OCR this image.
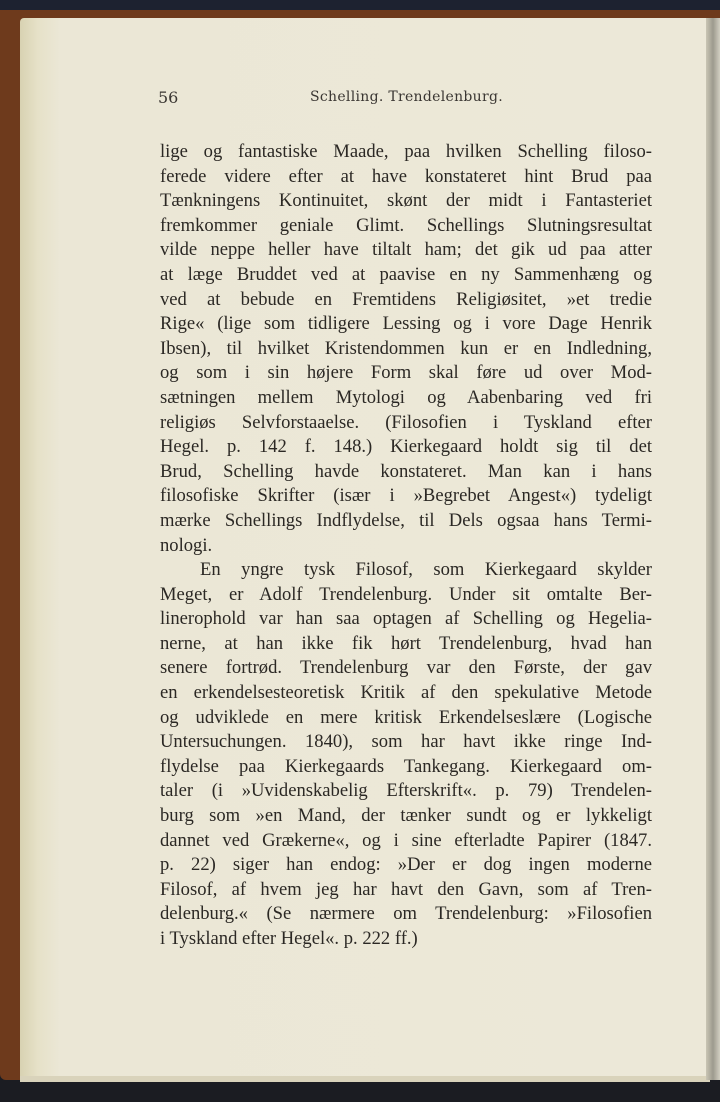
56	Schelling. Trendelenburg.
lige og fantastiske Maade, paa hvilken Schelling filoso-
ferede videre efter at have konstateret hint Brud paa
Tænkningens Kontinuitet, skønt der midt i Fantasteriet
fremkommer geniale Glimt. Schellings Slutningsresultat
vilde neppe heller have tiltalt ham; det gik ud paa atter
at læge Bruddet ved at paavise en ny Sammenhæng og
ved at bebude en Fremtidens Religiøsitet, »et tredie
Rige« (lige som tidligere Lessing og i vore Dage Henrik
Ibsen), til hvilket Kristendommen kun er en Indledning,
og som i sin højere Form skal føre ud over Mod-
sætningen mellem Mytologi og Aabenbaring ved fri
religiøs Selvforstaaelse. (Filosofien i Tyskland efter
Hegel. p. 142 f. 148.) Kierkegaard holdt sig til det
Brud, Schelling havde konstateret. Man kan i hans
filosofiske Skrifter (især i »Begrebet Angest«) tydeligt
mærke Schellings Indflydelse, til Dels ogsaa hans Termi-
nologi.
En yngre tysk Filosof, som Kierkegaard skylder
Meget, er Adolf Trendelenburg. Under sit omtalte Ber-
linerophold var han saa optagen af Schelling og Hegelia-
nerne, at han ikke fik hørt Trendelenburg, hvad han
senere fortrød. Trendelenburg var den Første, der gav
en erkendelsesteoretisk Kritik af den spekulative Metode
og udviklede en mere kritisk Erkendelseslære (Logische
Untersuchungen. 1840), som har havt ikke ringe Ind-
flydelse paa Kierkegaards Tankegang. Kierkegaard om-
taler (i »Uvidenskabelig Efterskrift«. p. 79) Trendelen-
burg som »en Mand, der tænker sundt og er lykkeligt
dannet ved Grækerne«, og i sine efterladte Papirer (1847.
p. 22) siger han endog: »Der er dog ingen moderne
Filosof, af hvem jeg har havt den Gavn, som af Tren-
delenburg.« (Se nærmere om Trendelenburg: »Filosofien
i Tyskland efter Hegel«. p. 222 ff.)
